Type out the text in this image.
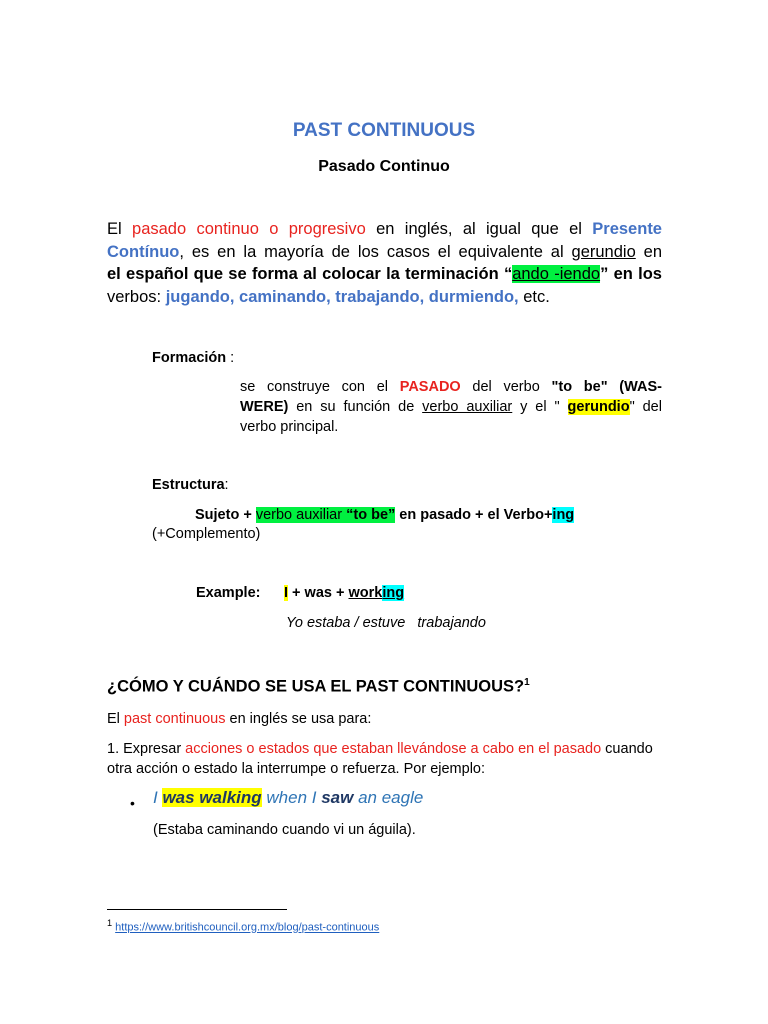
PAST CONTINUOUS
Pasado Continuo
El pasado continuo o progresivo en inglés, al igual que el Presente
Contínuo, es en la mayoría de los casos el equivalente al gerundio en
el español que se forma al colocar la terminación “ando -iendo” en los
verbos: jugando, caminando, trabajando, durmiendo, etc.
Formación :
se construye con el PASADO del verbo "to be" (WAS-
WERE) en su función de verbo auxiliar y el " gerundio" del
verbo principal.
Estructura:
Sujeto + verbo auxiliar “to be” en pasado + el Verbo+ing
(+Complemento)
Example: I + was + working
Yo estaba / estuve   trabajando
¿CÓMO Y CUÁNDO SE USA EL PAST CONTINUOUS?$^1$
El past continuous en inglés se usa para:
1. Expresar acciones o estados que estaban llevándose a cabo en el pasado cuando otra acción o estado la interrumpe o refuerza. Por ejemplo:
• I was walking when I saw an eagle
(Estaba caminando cuando vi un águila).
$^1$ https://www.britishcouncil.org.mx/blog/past-continuous
